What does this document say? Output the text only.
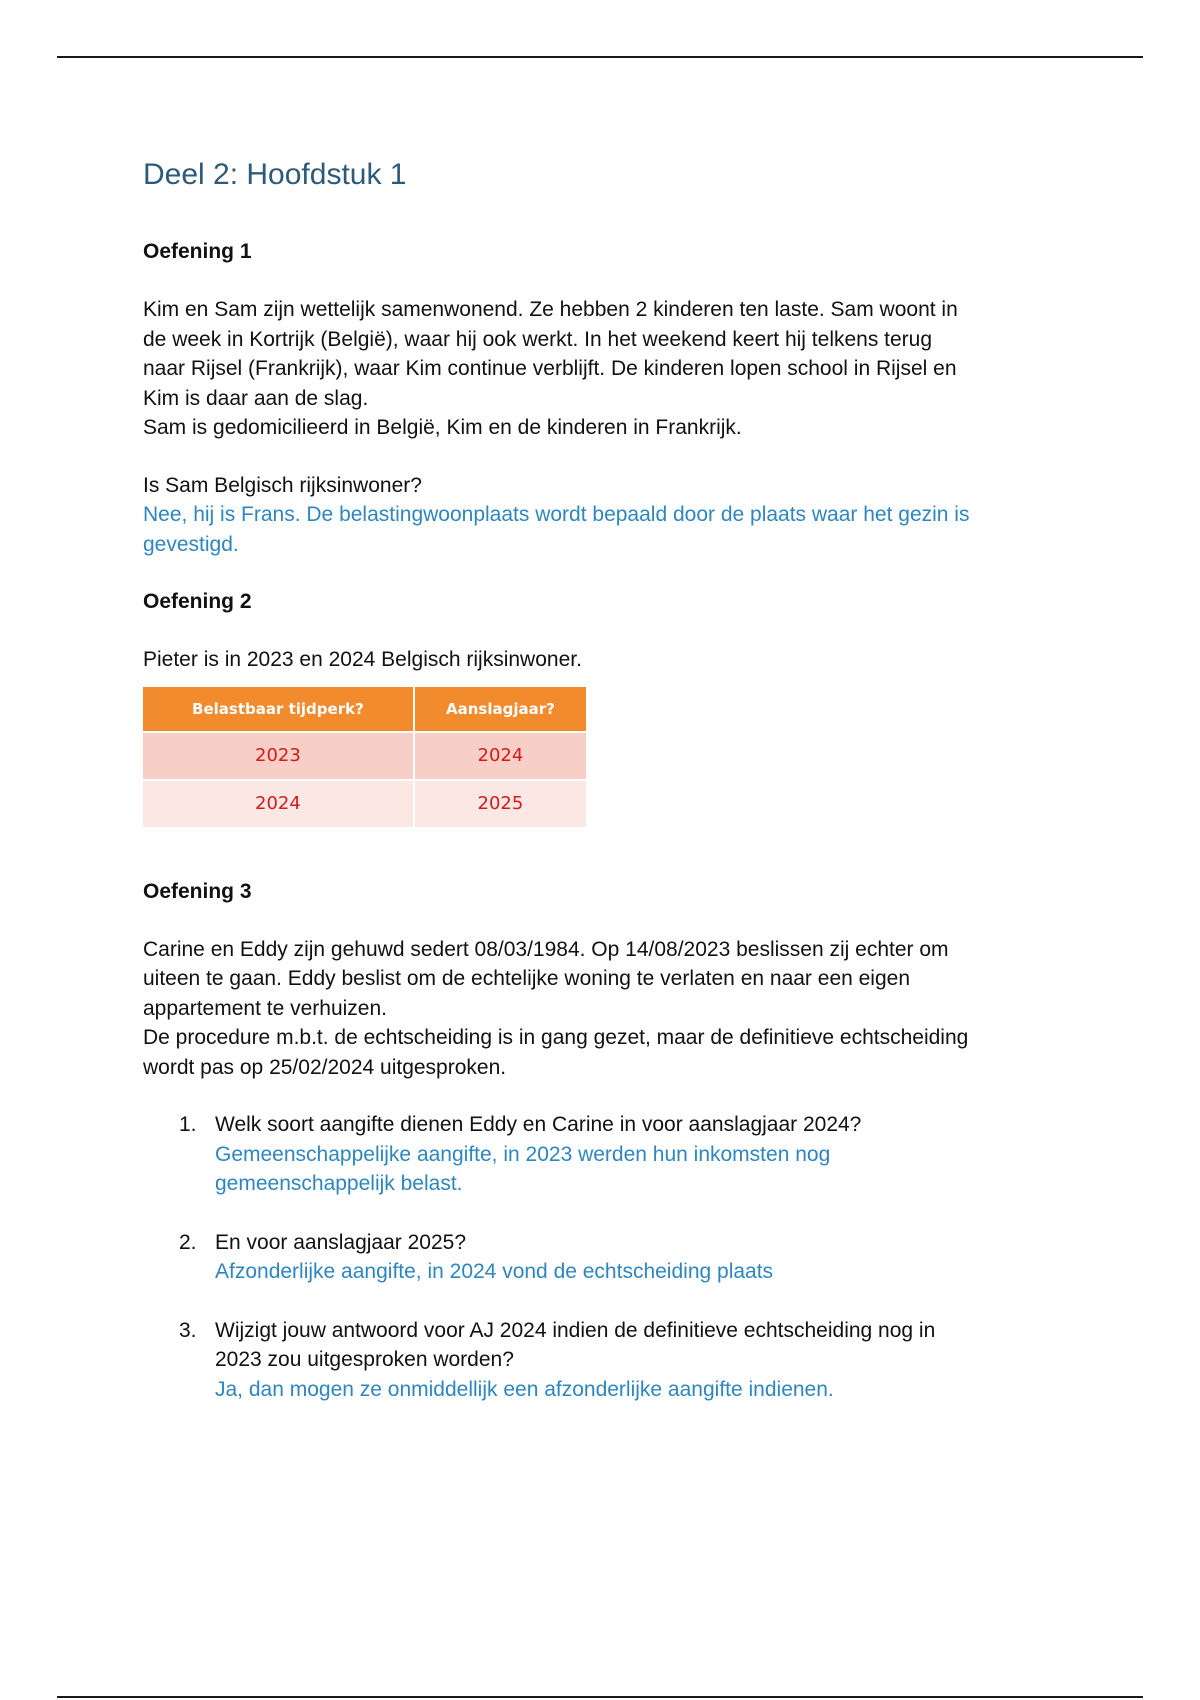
Deel 2: Hoofdstuk 1
Oefening 1

Kim en Sam zijn wettelijk samenwonend. Ze hebben 2 kinderen ten laste. Sam woont in

de week in Kortrijk (België), waar hij ook werkt. In het weekend keert hij telkens terug

naar Rijsel (Frankrijk), waar Kim continue verblijft. De kinderen lopen school in Rijsel en

Kim is daar aan de slag.

Sam is gedomicilieerd in België, Kim en de kinderen in Frankrijk.

Is Sam Belgisch rijksinwoner?

Nee, hij is Frans. De belastingwoonplaats wordt bepaald door de plaats waar het gezin is

gevestigd.

Oefening 2

Pieter is in 2023 en 2024 Belgisch rijksinwoner.

Belastbaar tijdperk?	Aanslagjaar?
2023	2024
2024	2025
Oefening 3

Carine en Eddy zijn gehuwd sedert 08/03/1984. Op 14/08/2023 beslissen zij echter om

uiteen te gaan. Eddy beslist om de echtelijke woning te verlaten en naar een eigen

appartement te verhuizen.

De procedure m.b.t. de echtscheiding is in gang gezet, maar de definitieve echtscheiding

wordt pas op 25/02/2024 uitgesproken.

1. Welk soort aangifte dienen Eddy en Carine in voor aanslagjaar 2024?
Gemeenschappelijke aangifte, in 2023 werden hun inkomsten nog
gemeenschappelijk belast.
2. En voor aanslagjaar 2025?
Afzonderlijke aangifte, in 2024 vond de echtscheiding plaats
3. Wijzigt jouw antwoord voor AJ 2024 indien de definitieve echtscheiding nog in
2023 zou uitgesproken worden?
Ja, dan mogen ze onmiddellijk een afzonderlijke aangifte indienen.
